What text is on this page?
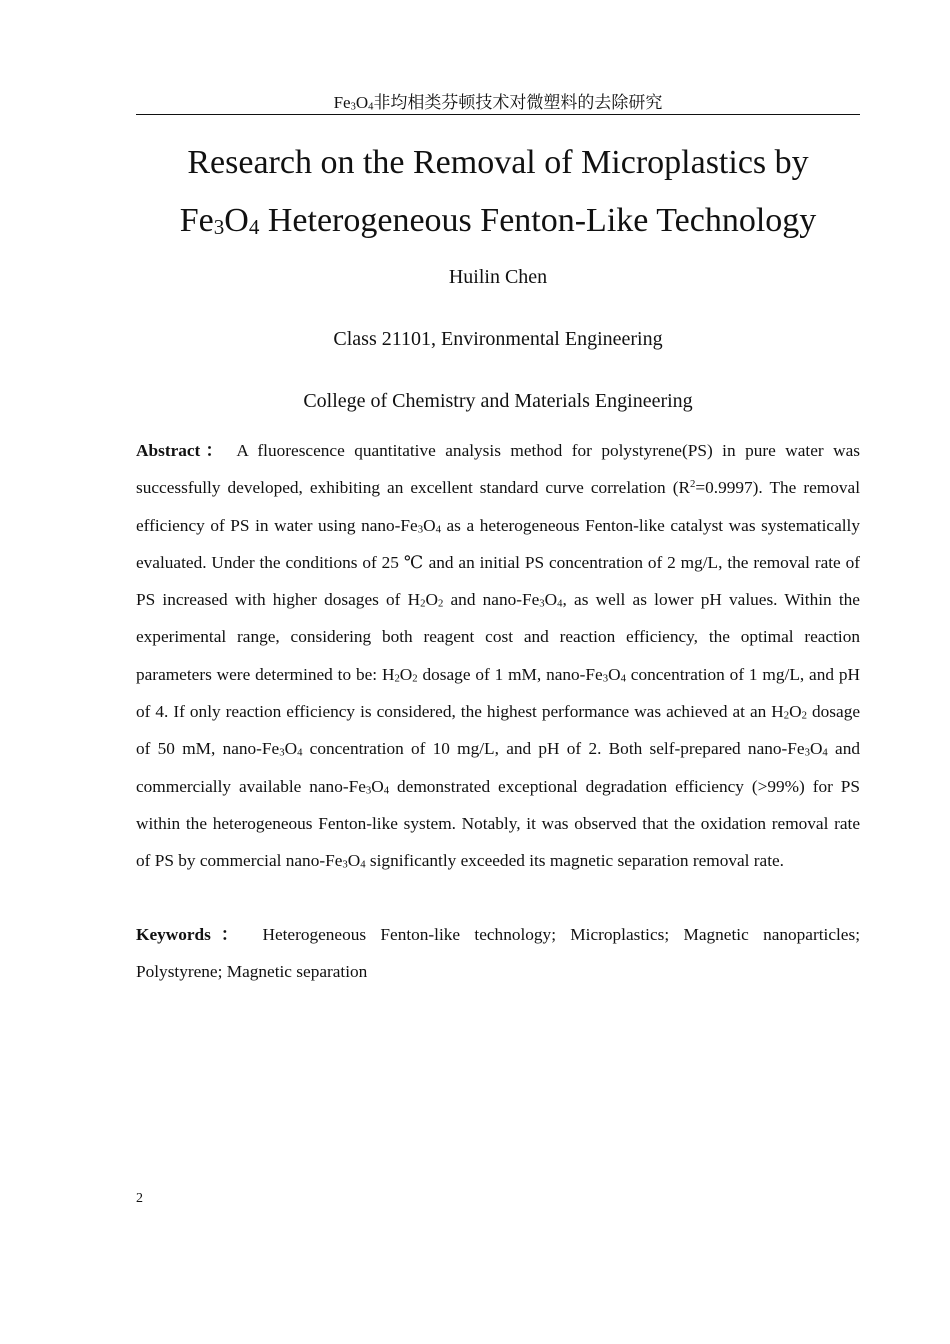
$Fe_3O_4$非均相类芬顿技术对微塑料的去除研究
Research on the Removal of Microplastics by
$Fe_3O_4$ Heterogeneous Fenton-Like Technology
Huilin Chen
Class 21101, Environmental Engineering
College of Chemistry and Materials Engineering

Abstract： A fluorescence quantitative analysis method for polystyrene(PS) in pure water was successfully developed, exhibiting an excellent standard curve correlation $(R^2=0.9997)$. The removal efficiency of PS in water using nano-$Fe_3O_4$ as a heterogeneous Fenton-like catalyst was systematically evaluated. Under the conditions of 25 ℃ and an initial PS concentration of 2 mg/L, the removal rate of PS increased with higher dosages of $H_2O_2$ and nano-$Fe_3O_4$, as well as lower pH values. Within the experimental range, considering both reagent cost and reaction efficiency, the optimal reaction parameters were determined to be: $H_2O_2$ dosage of 1 mM, nano-$Fe_3O_4$ concentration of 1 mg/L, and pH of 4. If only reaction efficiency is considered, the highest performance was achieved at an $H_2O_2$ dosage of 50 mM, nano-$Fe_3O_4$ concentration of 10 mg/L, and pH of 2. Both self-prepared nano-$Fe_3O_4$ and commercially available nano-$Fe_3O_4$ demonstrated exceptional degradation efficiency (>99%) for PS within the heterogeneous Fenton-like system. Notably, it was observed that the oxidation removal rate of PS by commercial nano-$Fe_3O_4$ significantly exceeded its magnetic separation removal rate.

Keywords： Heterogeneous Fenton-like technology; Microplastics; Magnetic nanoparticles; Polystyrene; Magnetic separation

2
